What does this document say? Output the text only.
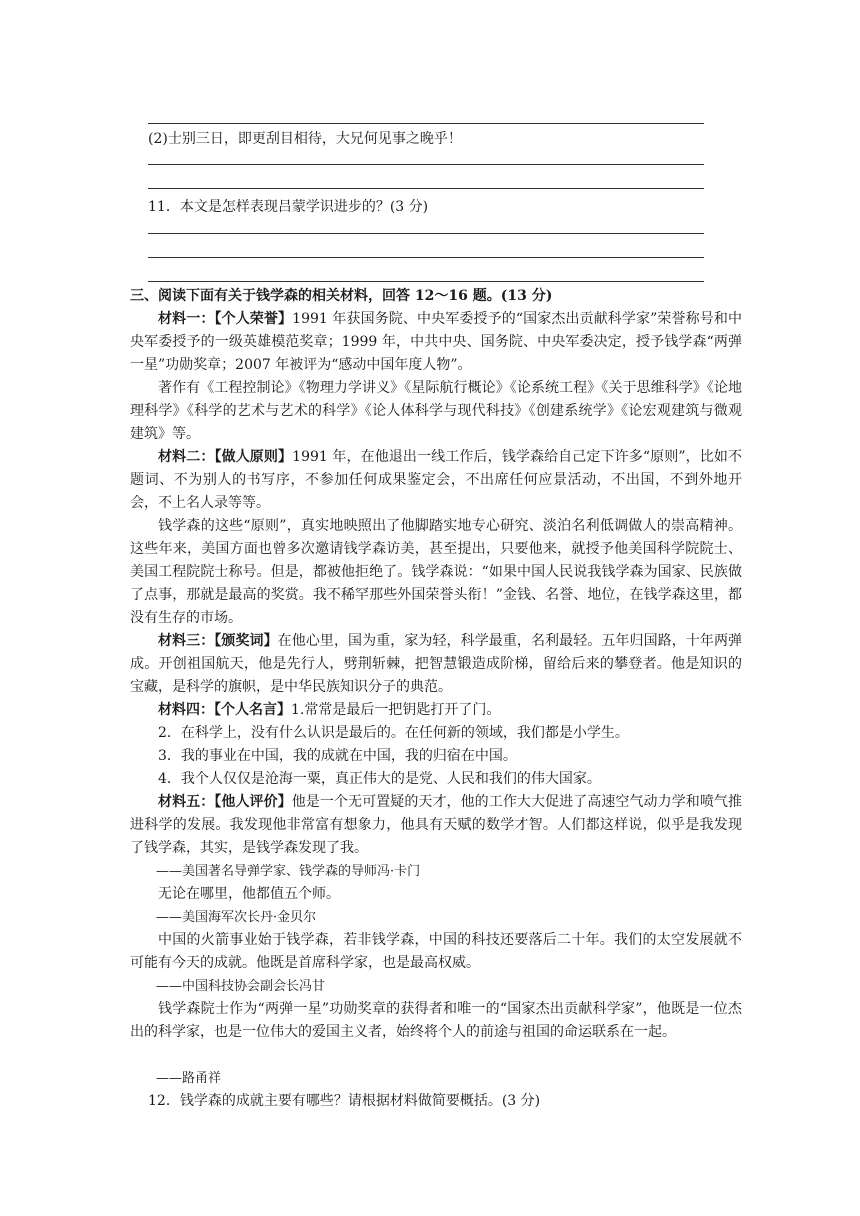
(2)士别三日，即更刮目相待，大兄何见事之晚乎！

11．本文是怎样表现吕蒙学识进步的？(3 分)

三、阅读下面有关于钱学森的相关材料，回答 12～16 题。(13 分)

材料一：【个人荣誉】1991 年获国务院、中央军委授予的“国家杰出贡献科学家”荣誉称号和中央军委授予的一级英雄模范奖章；1999 年，中共中央、国务院、中央军委决定，授予钱学森“两弹一星”功勋奖章；2007 年被评为“感动中国年度人物”。

著作有《工程控制论》《物理力学讲义》《星际航行概论》《论系统工程》《关于思维科学》《论地理科学》《科学的艺术与艺术的科学》《论人体科学与现代科技》《创建系统学》《论宏观建筑与微观建筑》等。

材料二：【做人原则】1991 年，在他退出一线工作后，钱学森给自己定下许多“原则”，比如不题词、不为别人的书写序，不参加任何成果鉴定会，不出席任何应景活动，不出国，不到外地开会，不上名人录等等。

钱学森的这些“原则”，真实地映照出了他脚踏实地专心研究、淡泊名利低调做人的崇高精神。这些年来，美国方面也曾多次邀请钱学森访美，甚至提出，只要他来，就授予他美国科学院院士、美国工程院院士称号。但是，都被他拒绝了。钱学森说：“如果中国人民说我钱学森为国家、民族做了点事，那就是最高的奖赏。我不稀罕那些外国荣誉头衔！”金钱、名誉、地位，在钱学森这里，都没有生存的市场。

材料三：【颁奖词】在他心里，国为重，家为轻，科学最重，名利最轻。五年归国路，十年两弹成。开创祖国航天，他是先行人，劈荆斩棘，把智慧锻造成阶梯，留给后来的攀登者。他是知识的宝藏，是科学的旗帜，是中华民族知识分子的典范。

材料四：【个人名言】1.常常是最后一把钥匙打开了门。

2．在科学上，没有什么认识是最后的。在任何新的领域，我们都是小学生。

3．我的事业在中国，我的成就在中国，我的归宿在中国。

4．我个人仅仅是沧海一粟，真正伟大的是党、人民和我们的伟大国家。

材料五：【他人评价】他是一个无可置疑的天才，他的工作大大促进了高速空气动力学和喷气推进科学的发展。我发现他非常富有想象力，他具有天赋的数学才智。人们都这样说，似乎是我发现了钱学森，其实，是钱学森发现了我。

——美国著名导弹学家、钱学森的导师冯·卡门

无论在哪里，他都值五个师。

——美国海军次长丹·金贝尔

中国的火箭事业始于钱学森，若非钱学森，中国的科技还要落后二十年。我们的太空发展就不可能有今天的成就。他既是首席科学家，也是最高权威。

——中国科技协会副会长冯甘

钱学森院士作为“两弹一星”功勋奖章的获得者和唯一的“国家杰出贡献科学家”，他既是一位杰出的科学家，也是一位伟大的爱国主义者，始终将个人的前途与祖国的命运联系在一起。

——路甬祥

12．钱学森的成就主要有哪些？请根据材料做简要概括。(3 分)
